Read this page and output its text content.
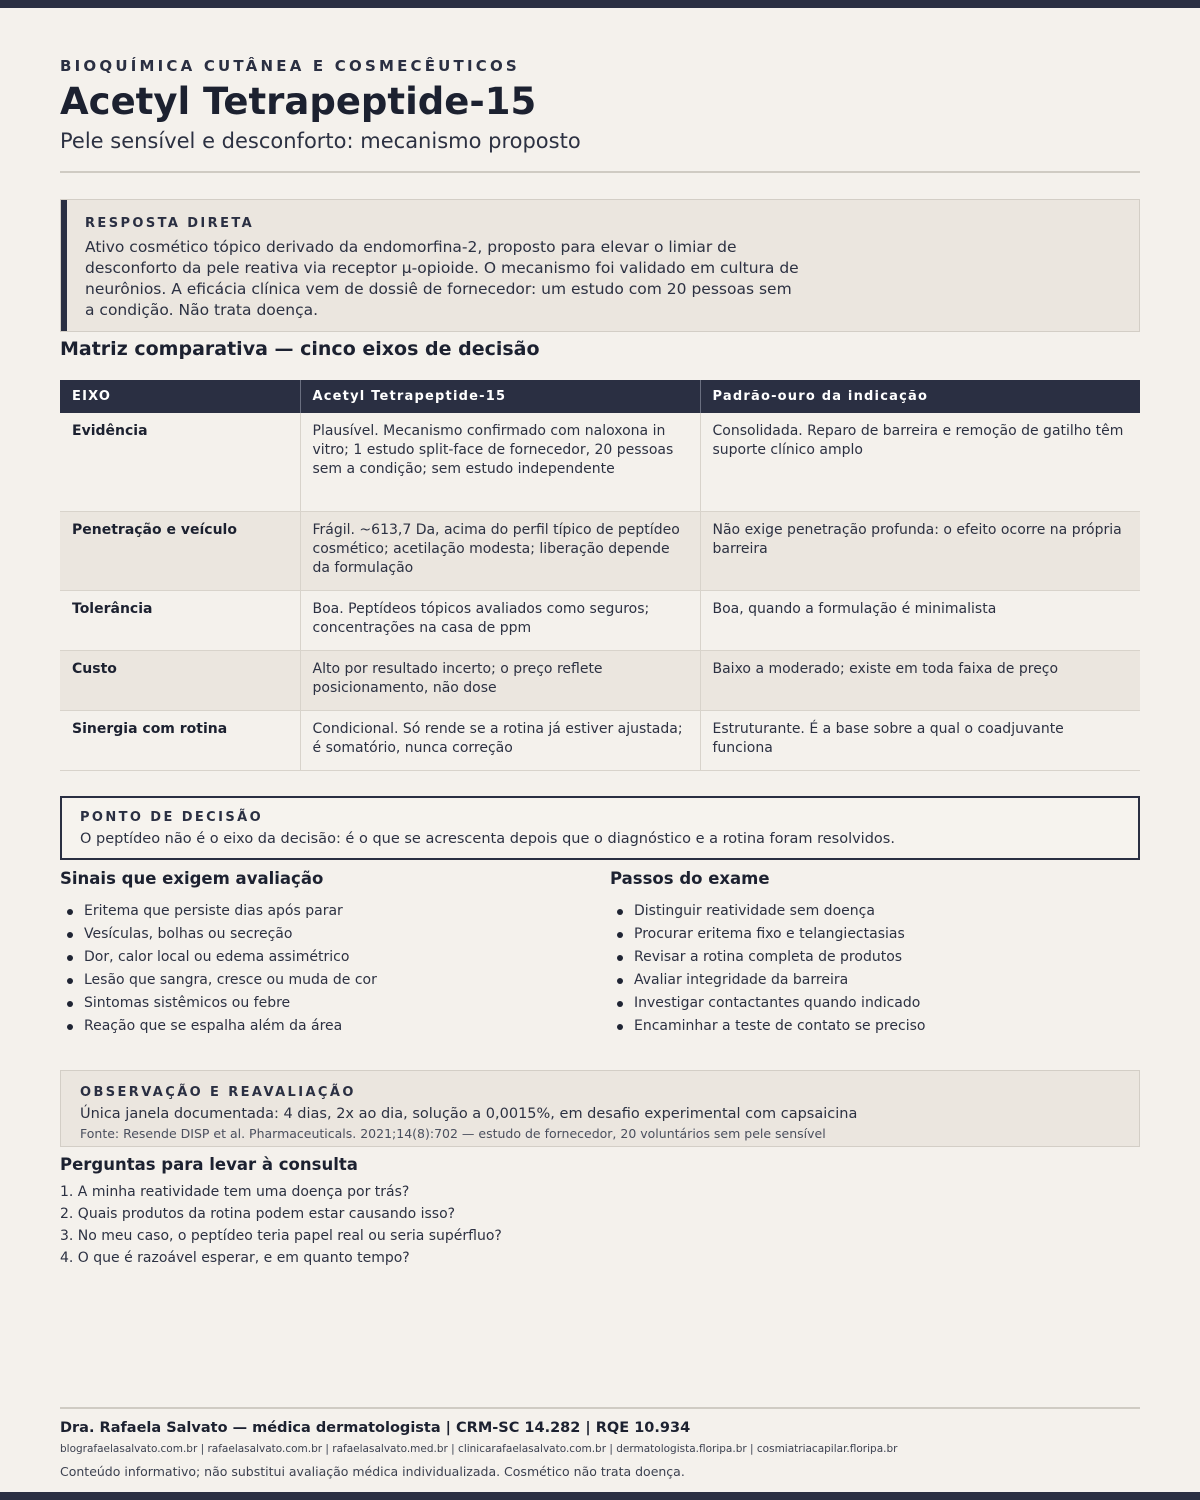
BIOQUÍMICA CUTÂNEA E COSMECÊUTICOS
Acetyl Tetrapeptide-15
Pele sensível e desconforto: mecanismo proposto
RESPOSTA DIRETA
Ativo cosmético tópico derivado da endomorfina-2, proposto para elevar o limiar de desconforto da pele reativa via receptor μ-opioide. O mecanismo foi validado em cultura de neurônios. A eficácia clínica vem de dossiê de fornecedor: um estudo com 20 pessoas sem a condição. Não trata doença.
Matriz comparativa — cinco eixos de decisão
EIXO	Acetyl Tetrapeptide-15	Padrão-ouro da indicação
Evidência	Plausível. Mecanismo confirmado com naloxona in vitro; 1 estudo split-face de fornecedor, 20 pessoas sem a condição; sem estudo independente	Consolidada. Reparo de barreira e remoção de gatilho têm suporte clínico amplo
Penetração e veículo	Frágil. ~613,7 Da, acima do perfil típico de peptídeo cosmético; acetilação modesta; liberação depende da formulação	Não exige penetração profunda: o efeito ocorre na própria barreira
Tolerância	Boa. Peptídeos tópicos avaliados como seguros; concentrações na casa de ppm	Boa, quando a formulação é minimalista
Custo	Alto por resultado incerto; o preço reflete posicionamento, não dose	Baixo a moderado; existe em toda faixa de preço
Sinergia com rotina	Condicional. Só rende se a rotina já estiver ajustada; é somatório, nunca correção	Estruturante. É a base sobre a qual o coadjuvante funciona
PONTO DE DECISÃO
O peptídeo não é o eixo da decisão: é o que se acrescenta depois que o diagnóstico e a rotina foram resolvidos.
Sinais que exigem avaliação
Eritema que persiste dias após parar
Vesículas, bolhas ou secreção
Dor, calor local ou edema assimétrico
Lesão que sangra, cresce ou muda de cor
Sintomas sistêmicos ou febre
Reação que se espalha além da área
Passos do exame
Distinguir reatividade sem doença
Procurar eritema fixo e telangiectasias
Revisar a rotina completa de produtos
Avaliar integridade da barreira
Investigar contactantes quando indicado
Encaminhar a teste de contato se preciso
OBSERVAÇÃO E REAVALIAÇÃO
Única janela documentada: 4 dias, 2x ao dia, solução a 0,0015%, em desafio experimental com capsaicina
Fonte: Resende DISP et al. Pharmaceuticals. 2021;14(8):702 — estudo de fornecedor, 20 voluntários sem pele sensível
Perguntas para levar à consulta
1. A minha reatividade tem uma doença por trás?
2. Quais produtos da rotina podem estar causando isso?
3. No meu caso, o peptídeo teria papel real ou seria supérfluo?
4. O que é razoável esperar, e em quanto tempo?
Dra. Rafaela Salvato — médica dermatologista | CRM-SC 14.282 | RQE 10.934
blografaelasalvato.com.br | rafaelasalvato.com.br | rafaelasalvato.med.br | clinicarafaelasalvato.com.br | dermatologista.floripa.br | cosmiatriacapilar.floripa.br
Conteúdo informativo; não substitui avaliação médica individualizada. Cosmético não trata doença.
